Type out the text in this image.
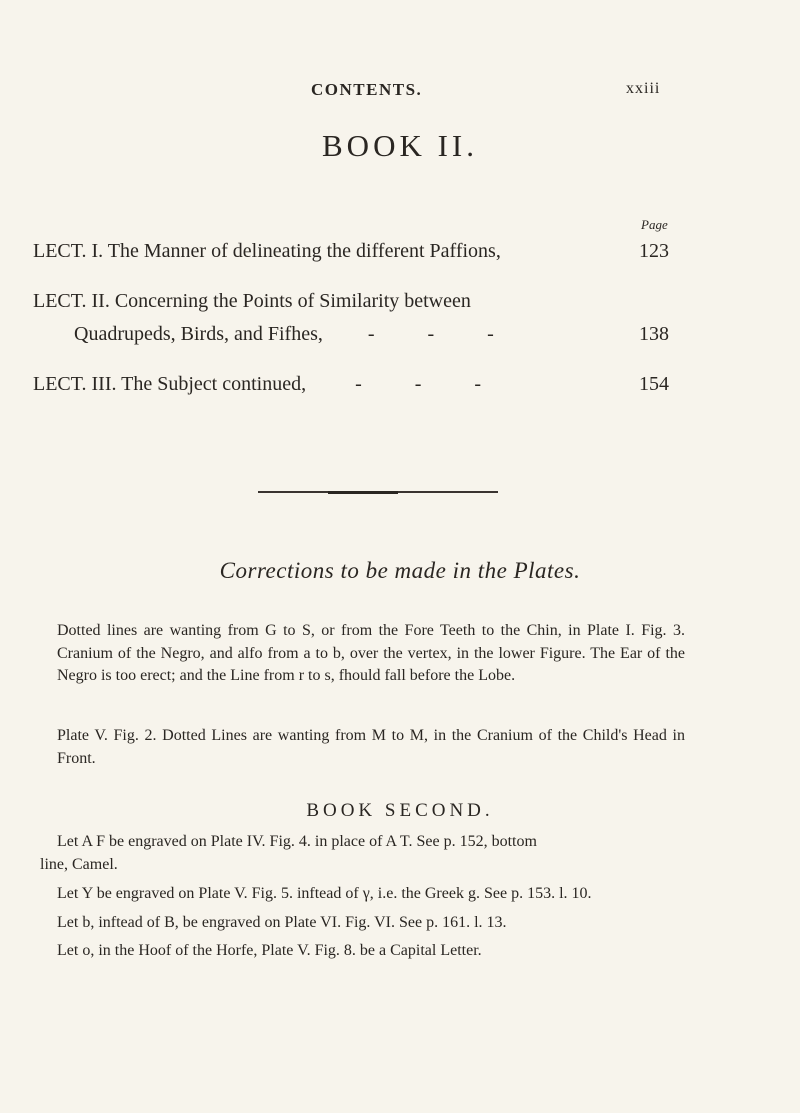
CONTENTS.	xxiii
BOOK II.
Page
LECT. I. The Manner of delineating the different Paffions,	123
LECT. II. Concerning the Points of Similarity between
Quadrupeds, Birds, and Fifhes, - - -	138
LECT. III. The Subject continued, - - -	154
Corrections to be made in the Plates.
Dotted lines are wanting from G to S, or from the Fore Teeth to the Chin, in Plate I. Fig. 3. Cranium of the Negro, and alfo from a to b, over the vertex, in the lower Figure. The Ear of the Negro is too erect; and the Line from r to s, fhould fall before the Lobe.
Plate V. Fig. 2. Dotted Lines are wanting from M to M, in the Cranium of the Child's Head in Front.
BOOK SECOND.
Let A F be engraved on Plate IV. Fig. 4. in place of A T. See p. 152, bottom
line, Camel.
Let Y be engraved on Plate V. Fig. 5. inftead of γ, i.e. the Greek g. See p. 153. l. 10.
Let b, inftead of B, be engraved on Plate VI. Fig. VI. See p. 161. l. 13.
Let o, in the Hoof of the Horfe, Plate V. Fig. 8. be a Capital Letter.
